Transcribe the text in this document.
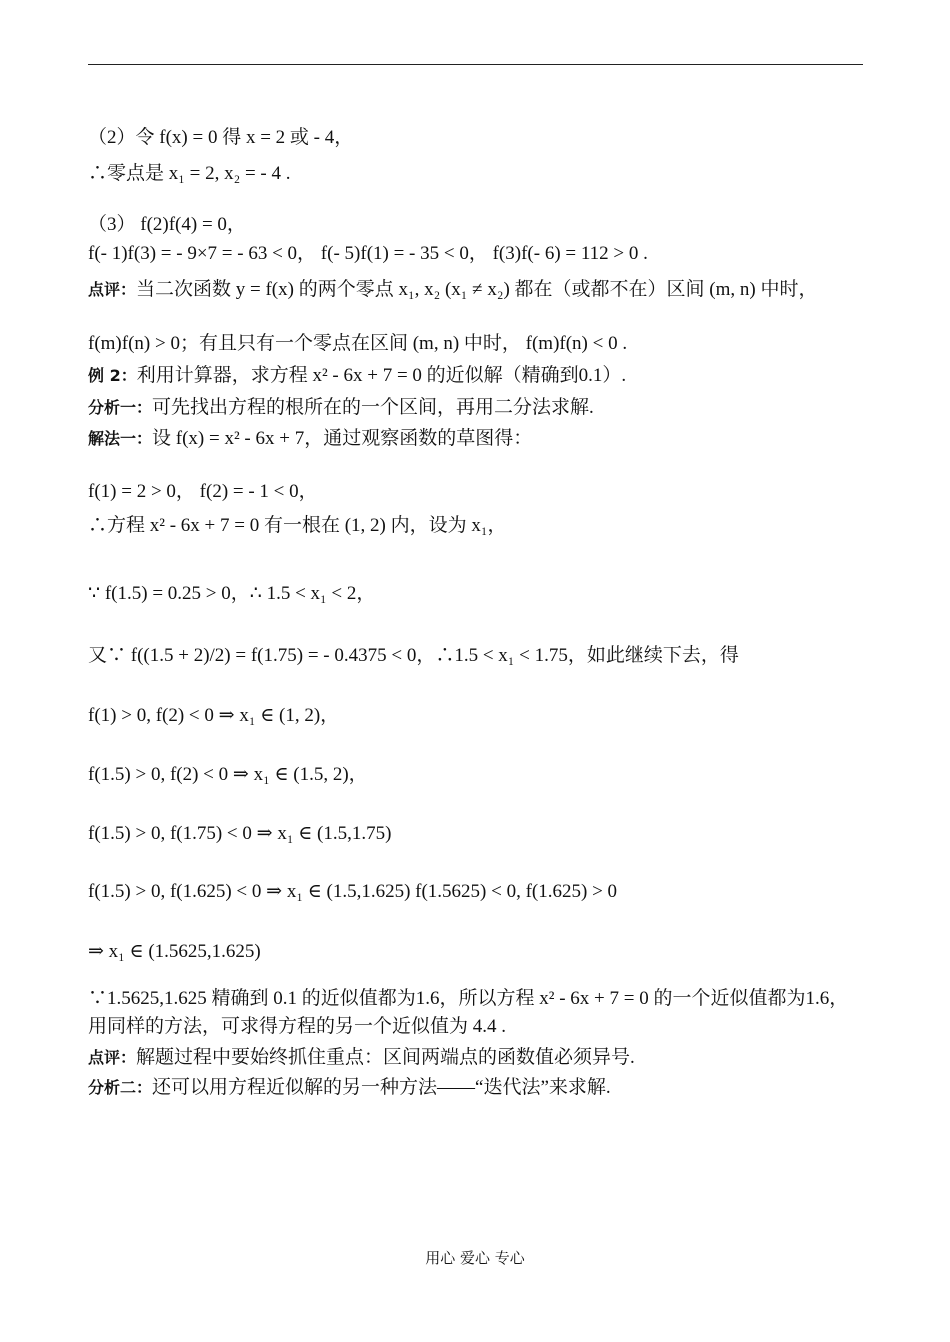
（2）令 f(x) = 0 得 x = 2 或 - 4，
∴零点是 x₁ = 2, x₂ = - 4 .
（3） f(2)f(4) = 0，
f(- 1)f(3) = - 9×7 = - 63 < 0， f(- 5)f(1) = - 35 < 0， f(3)f(- 6) = 112 > 0 .
点评：当二次函数 y = f(x) 的两个零点 x₁, x₂ (x₁ ≠ x₂) 都在（或都不在）区间 (m, n) 中时，
f(m)f(n) > 0；有且只有一个零点在区间 (m, n) 中时， f(m)f(n) < 0 .
例 2：利用计算器，求方程 x² - 6x + 7 = 0 的近似解（精确到0.1）.
分析一：可先找出方程的根所在的一个区间，再用二分法求解.
解法一：设 f(x) = x² - 6x + 7，通过观察函数的草图得：
f(1) = 2 > 0， f(2) = - 1 < 0，
∴方程 x² - 6x + 7 = 0 有一根在 (1, 2) 内，设为 x₁，
∵ f(1.5) = 0.25 > 0，∴ 1.5 < x₁ < 2，
又∵ f((1.5 + 2)/2) = f(1.75) = - 0.4375 < 0，∴1.5 < x₁ < 1.75，如此继续下去，得
f(1) > 0, f(2) < 0 ⇒ x₁ ∈ (1, 2)，
f(1.5) > 0, f(2) < 0 ⇒ x₁ ∈ (1.5, 2)，
f(1.5) > 0, f(1.75) < 0 ⇒ x₁ ∈ (1.5,1.75)
f(1.5) > 0, f(1.625) < 0 ⇒ x₁ ∈ (1.5,1.625) f(1.5625) < 0, f(1.625) > 0
⇒ x₁ ∈ (1.5625,1.625)
∵1.5625,1.625 精确到 0.1 的近似值都为1.6，所以方程 x² - 6x + 7 = 0 的一个近似值都为1.6，
用同样的方法，可求得方程的另一个近似值为 4.4 .
点评：解题过程中要始终抓住重点：区间两端点的函数值必须异号.
分析二：还可以用方程近似解的另一种方法——“迭代法”来求解.
用心 爱心 专心
